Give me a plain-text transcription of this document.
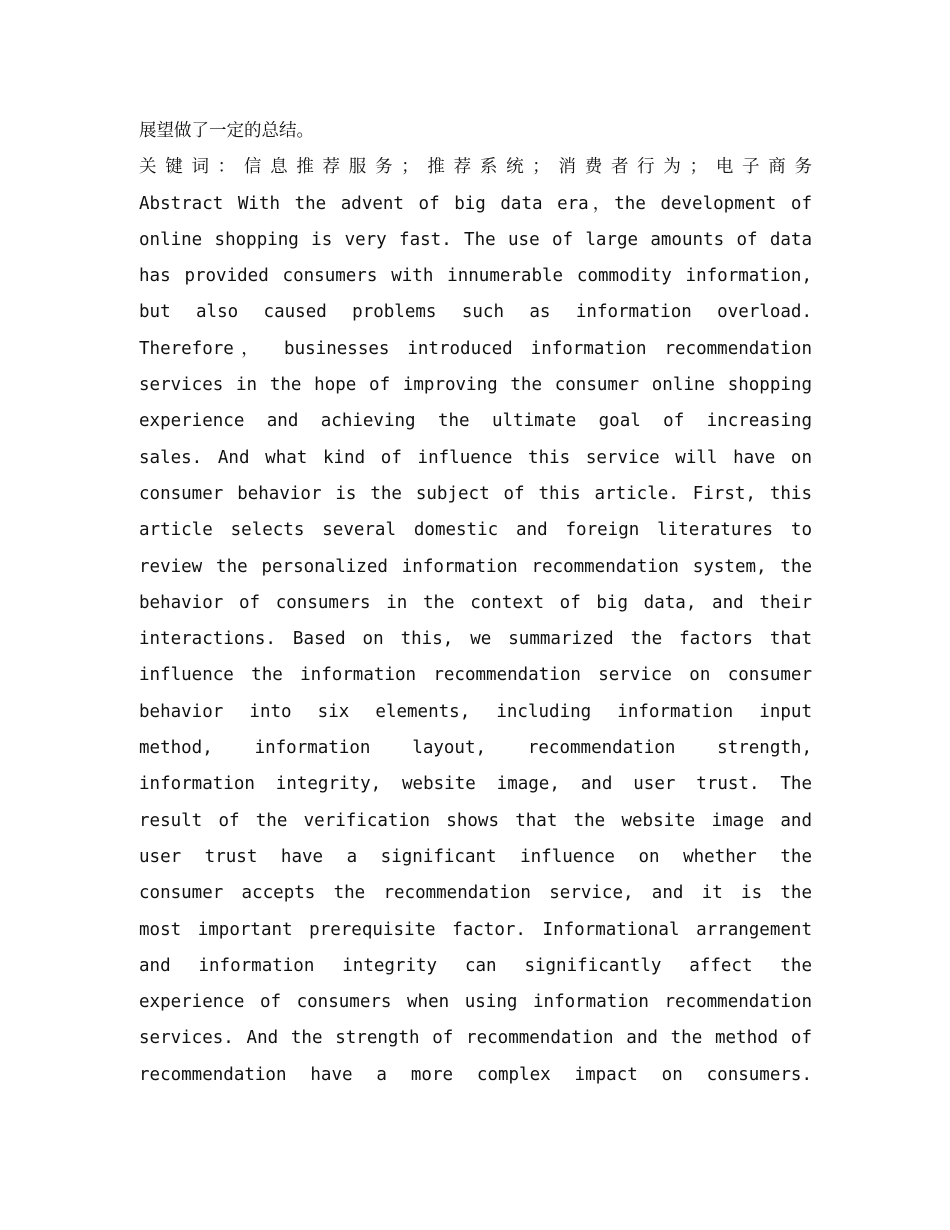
展望做了一定的总结。
关键词：信息推荐服务；推荐系统；消费者行为；电子商务
Abstract With the advent of big data era，the development of
online shopping is very fast. The use of large amounts of data
has provided consumers with innumerable commodity information,
but also caused problems such as information overload.
Therefore， businesses introduced information recommendation
services in the hope of improving the consumer online shopping
experience and achieving the ultimate goal of increasing
sales. And what kind of influence this service will have on
consumer behavior is the subject of this article. First, this
article selects several domestic and foreign literatures to
review the personalized information recommendation system, the
behavior of consumers in the context of big data, and their
interactions. Based on this, we summarized the factors that
influence the information recommendation service on consumer
behavior into six elements, including information input
method, information layout, recommendation strength,
information integrity, website image, and user trust. The
result of the verification shows that the website image and
user trust have a significant influence on whether the
consumer accepts the recommendation service, and it is the
most important prerequisite factor. Informational arrangement
and information integrity can significantly affect the
experience of consumers when using information recommendation
services. And the strength of recommendation and the method of
recommendation have a more complex impact on consumers.
